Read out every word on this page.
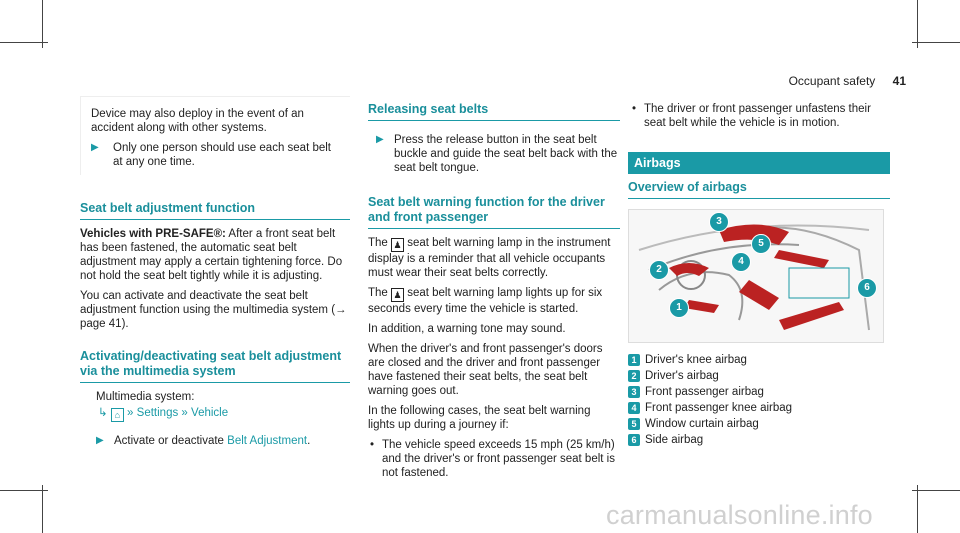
Occupant safety 41

Device may also deploy in the event of an accident along with other systems.

▶	Only one person should use each seat belt at any one time.
Seat belt adjustment function

Vehicles with PRE-SAFE®: After a front seat belt has been fastened, the automatic seat belt adjustment may apply a certain tightening force. Do not hold the seat belt tightly while it is adjusting.

You can activate and deactivate the seat belt adjustment function using the multimedia system (→ page 41).

Activating/deactivating seat belt adjustment via the multimedia system

Multimedia system:

↳ ⌂ » Settings » Vehicle
▶ Activate or deactivate Belt Adjustment.
Releasing seat belts
▶ Press the release button in the seat belt buckle and guide the seat belt back with the seat belt tongue.
Seat belt warning function for the driver and front passenger

The ♟ seat belt warning lamp in the instrument display is a reminder that all vehicle occupants must wear their seat belts correctly.

The ♟ seat belt warning lamp lights up for six seconds every time the vehicle is started.

In addition, a warning tone may sound.

When the driver's and front passenger's doors are closed and the driver and front passenger have fastened their seat belts, the seat belt warning goes out.

In the following cases, the seat belt warning lights up during a journey if:

• The vehicle speed exceeds 15 mph (25 km/h) and the driver's or front passenger seat belt is not fastened.
• The driver or front passenger unfastens their seat belt while the vehicle is in motion.
Airbags
Overview of airbags
1
2
3
4
5
6
1 Driver's knee airbag
2 Driver's airbag
3 Front passenger airbag
4 Front passenger knee airbag
5 Window curtain airbag
6 Side airbag
carmanualsonline.info
